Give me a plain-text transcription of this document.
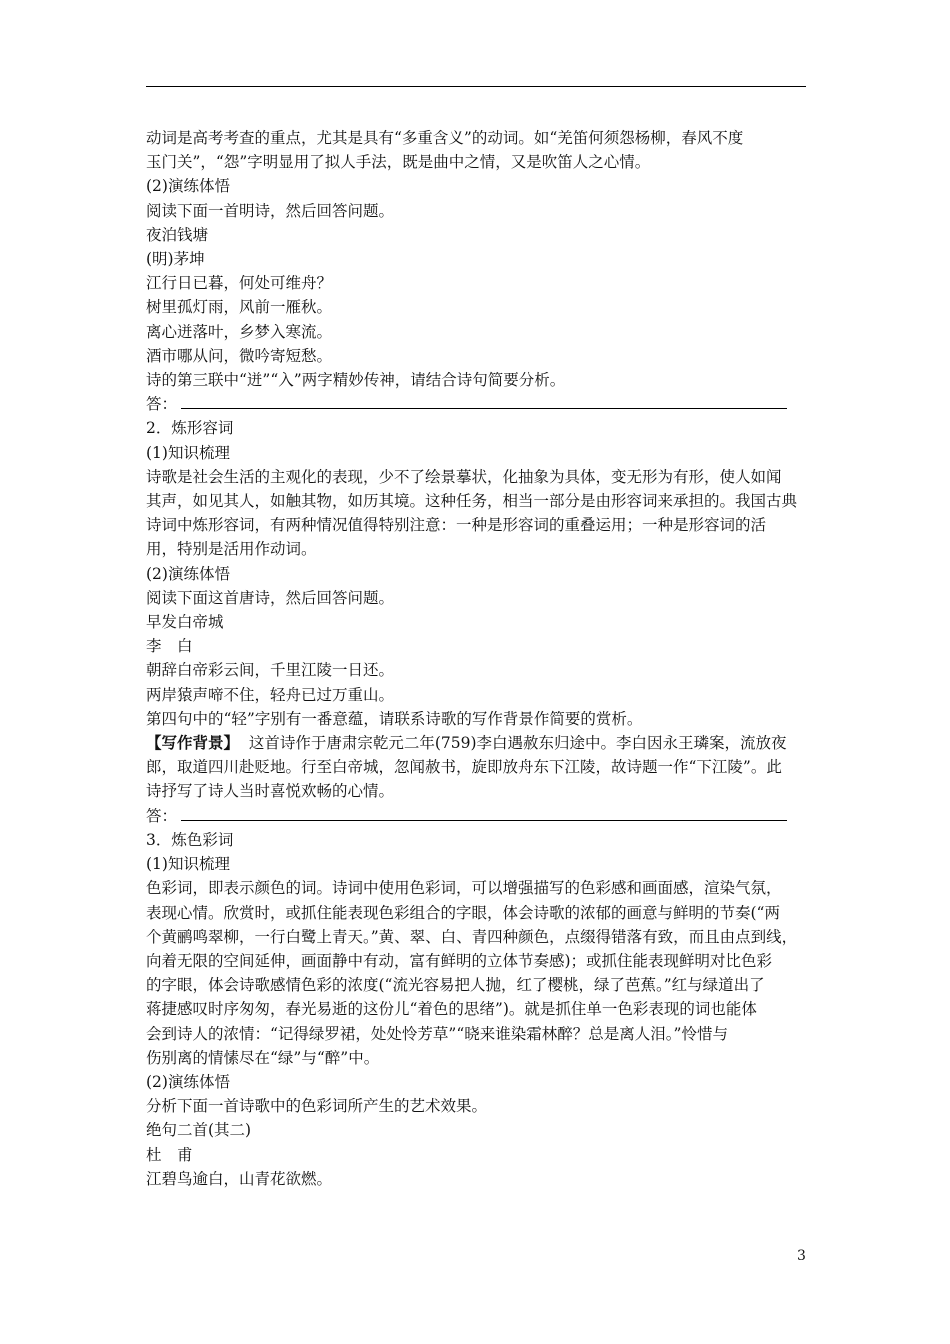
动词是高考考查的重点，尤其是具有“多重含义”的动词。如“羌笛何须怨杨柳，春风不度
玉门关”，“怨”字明显用了拟人手法，既是曲中之情，又是吹笛人之心情。
(2)演练体悟
阅读下面一首明诗，然后回答问题。
夜泊钱塘
(明)茅坤
江行日已暮，何处可维舟？
树里孤灯雨，风前一雁秋。
离心迸落叶，乡梦入寒流。
酒市哪从问，微吟寄短愁。
诗的第三联中“迸”“入”两字精妙传神，请结合诗句简要分析。
答：
2．炼形容词
(1)知识梳理
诗歌是社会生活的主观化的表现，少不了绘景摹状，化抽象为具体，变无形为有形，使人如闻
其声，如见其人，如触其物，如历其境。这种任务，相当一部分是由形容词来承担的。我国古典
诗词中炼形容词，有两种情况值得特别注意：一种是形容词的重叠运用；一种是形容词的活
用，特别是活用作动词。
(2)演练体悟
阅读下面这首唐诗，然后回答问题。
早发白帝城
李　白
朝辞白帝彩云间，千里江陵一日还。
两岸猿声啼不住，轻舟已过万重山。
第四句中的“轻”字别有一番意蕴，请联系诗歌的写作背景作简要的赏析。
【写作背景】 这首诗作于唐肃宗乾元二年(759)李白遇赦东归途中。李白因永王璘案，流放夜
郎，取道四川赴贬地。行至白帝城，忽闻赦书，旋即放舟东下江陵，故诗题一作“下江陵”。此
诗抒写了诗人当时喜悦欢畅的心情。
答：
3．炼色彩词
(1)知识梳理
色彩词，即表示颜色的词。诗词中使用色彩词，可以增强描写的色彩感和画面感，渲染气氛，
表现心情。欣赏时，或抓住能表现色彩组合的字眼，体会诗歌的浓郁的画意与鲜明的节奏(“两
个黄鹂鸣翠柳，一行白鹭上青天。”黄、翠、白、青四种颜色，点缀得错落有致，而且由点到线，
向着无限的空间延伸，画面静中有动，富有鲜明的立体节奏感)；或抓住能表现鲜明对比色彩
的字眼，体会诗歌感情色彩的浓度(“流光容易把人抛，红了樱桃，绿了芭蕉。”红与绿道出了
蒋捷感叹时序匆匆，春光易逝的这份儿“着色的思绪”)。就是抓住单一色彩表现的词也能体
会到诗人的浓情：“记得绿罗裙，处处怜芳草”“晓来谁染霜林醉？总是离人泪。”怜惜与
伤别离的情愫尽在“绿”与“醉”中。
(2)演练体悟
分析下面一首诗歌中的色彩词所产生的艺术效果。
绝句二首(其二)
杜　甫
江碧鸟逾白，山青花欲燃。
3
